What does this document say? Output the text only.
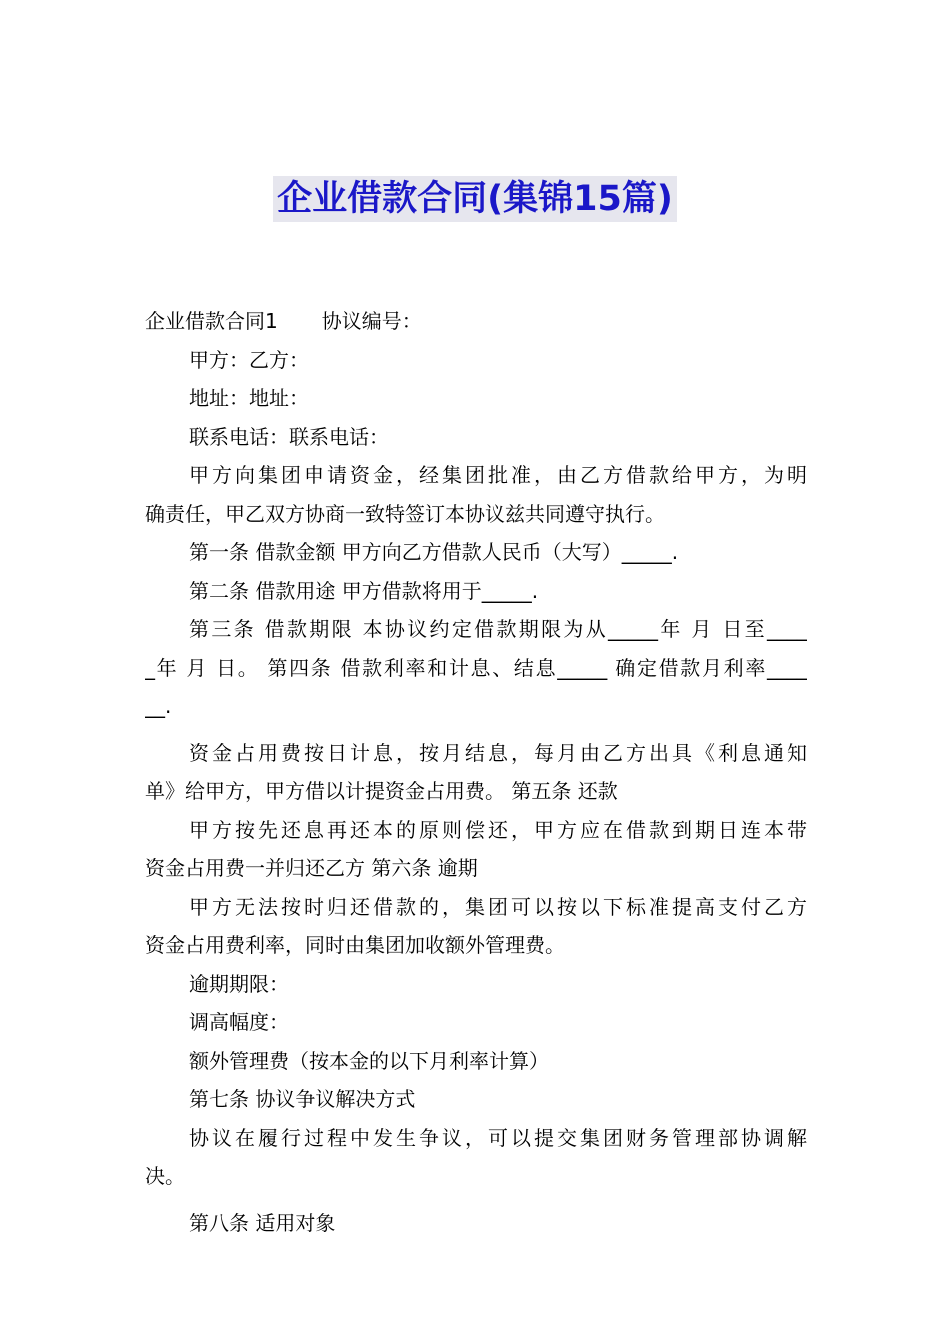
企业借款合同(集锦15篇)
企业借款合同1 协议编号：
甲方：乙方：
地址：地址：
联系电话：联系电话：
甲方向集团申请资金，经集团批准，由乙方借款给甲方，为明
确责任，甲乙双方协商一致特签订本协议兹共同遵守执行。
第一条 借款金额 甲方向乙方借款人民币（大写）_____.
第二条 借款用途 甲方借款将用于_____.
第三条 借款期限 本协议约定借款期限为从_____年 月 日至____
_年 月 日。 第四条 借款利率和计息、结息_____ 确定借款月利率____
__.
资金占用费按日计息，按月结息，每月由乙方出具《利息通知
单》给甲方，甲方借以计提资金占用费。 第五条 还款
甲方按先还息再还本的原则偿还，甲方应在借款到期日连本带
资金占用费一并归还乙方 第六条 逾期
甲方无法按时归还借款的，集团可以按以下标准提高支付乙方
资金占用费利率，同时由集团加收额外管理费。
逾期期限：
调高幅度：
额外管理费（按本金的以下月利率计算）
第七条 协议争议解决方式
协议在履行过程中发生争议，可以提交集团财务管理部协调解
决。
第八条 适用对象
